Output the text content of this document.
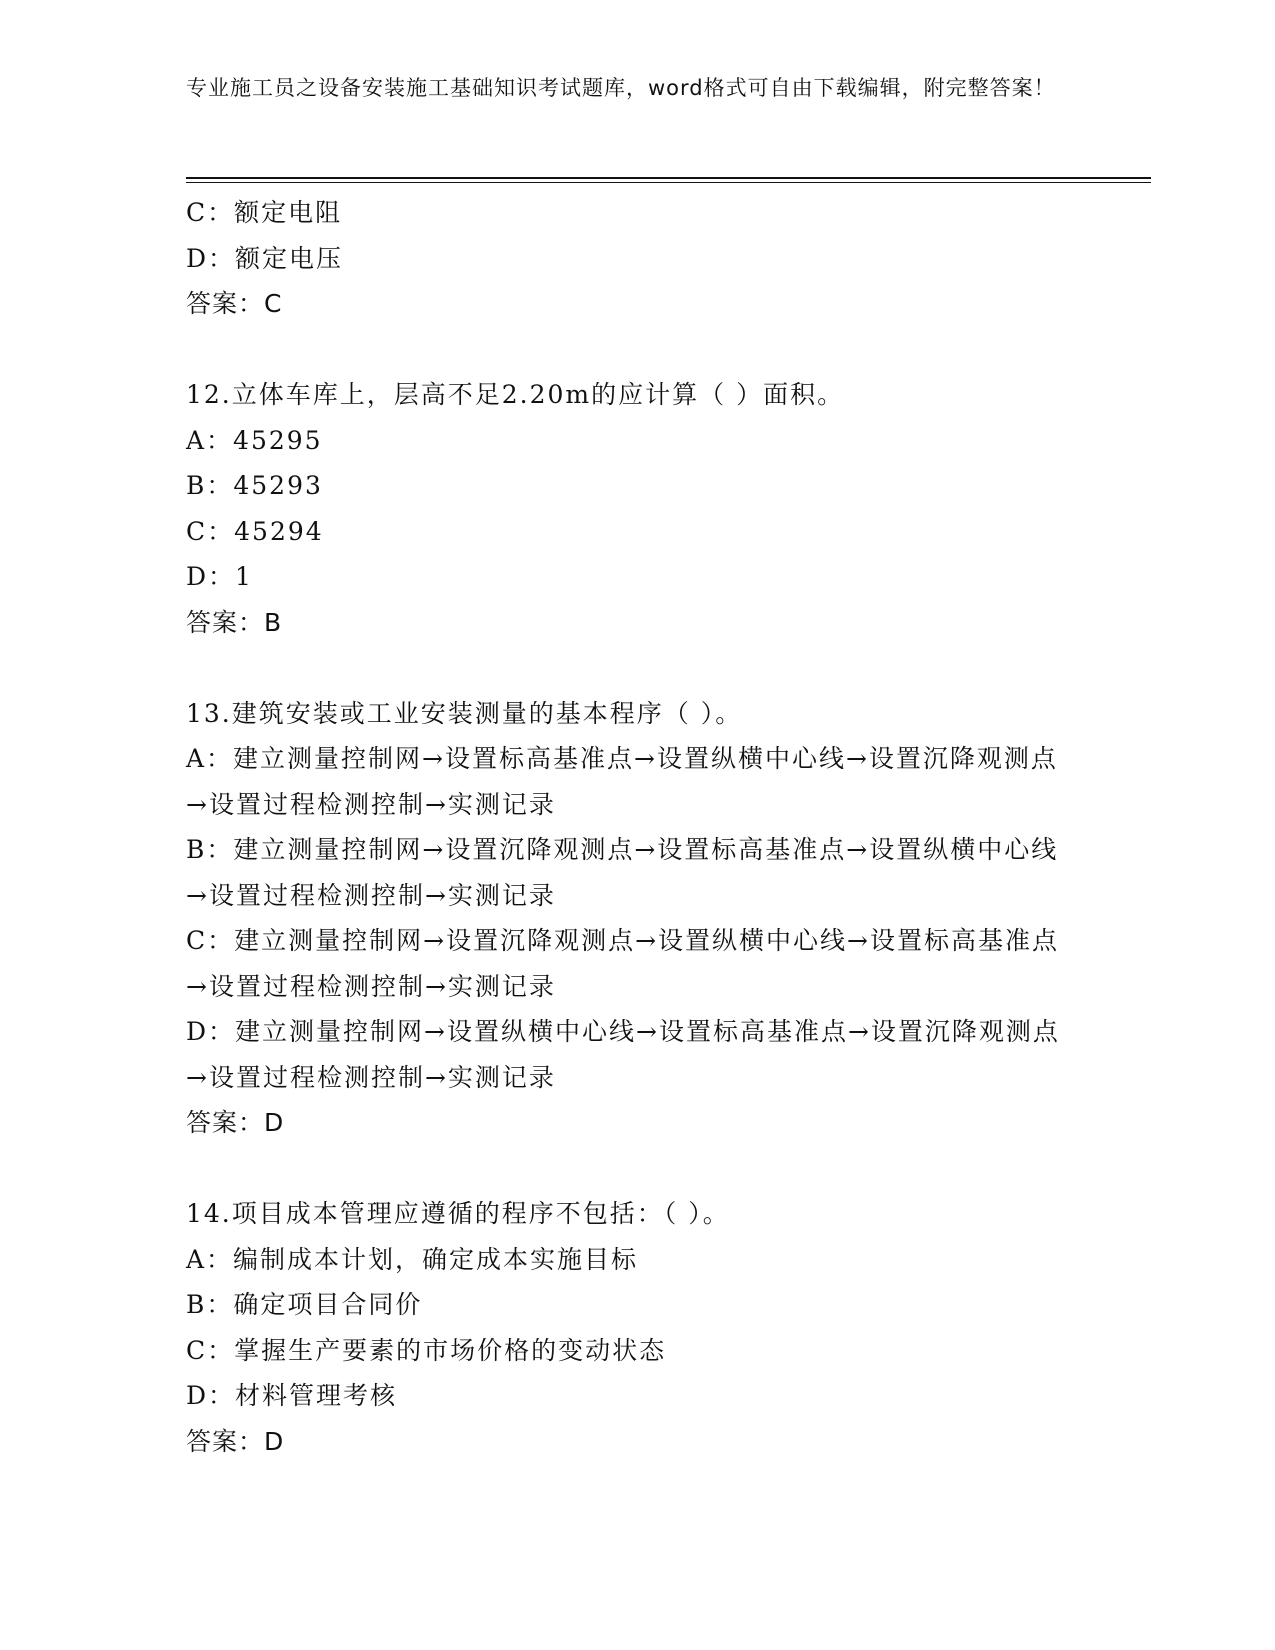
专业施工员之设备安装施工基础知识考试题库，word格式可自由下载编辑，附完整答案！
C：额定电阻
D：额定电压
答案：C
12.立体车库上，层高不足2.20m的应计算（ ）面积。
A：45295
B：45293
C：45294
D：1
答案：B
13.建筑安装或工业安装测量的基本程序（ ）。
A：建立测量控制网→设置标高基准点→设置纵横中心线→设置沉降观测点→设置过程检测控制→实测记录
B：建立测量控制网→设置沉降观测点→设置标高基准点→设置纵横中心线→设置过程检测控制→实测记录
C：建立测量控制网→设置沉降观测点→设置纵横中心线→设置标高基准点→设置过程检测控制→实测记录
D：建立测量控制网→设置纵横中心线→设置标高基准点→设置沉降观测点→设置过程检测控制→实测记录
答案：D
14.项目成本管理应遵循的程序不包括：（ ）。
A：编制成本计划，确定成本实施目标
B：确定项目合同价
C：掌握生产要素的市场价格的变动状态
D：材料管理考核
答案：D
